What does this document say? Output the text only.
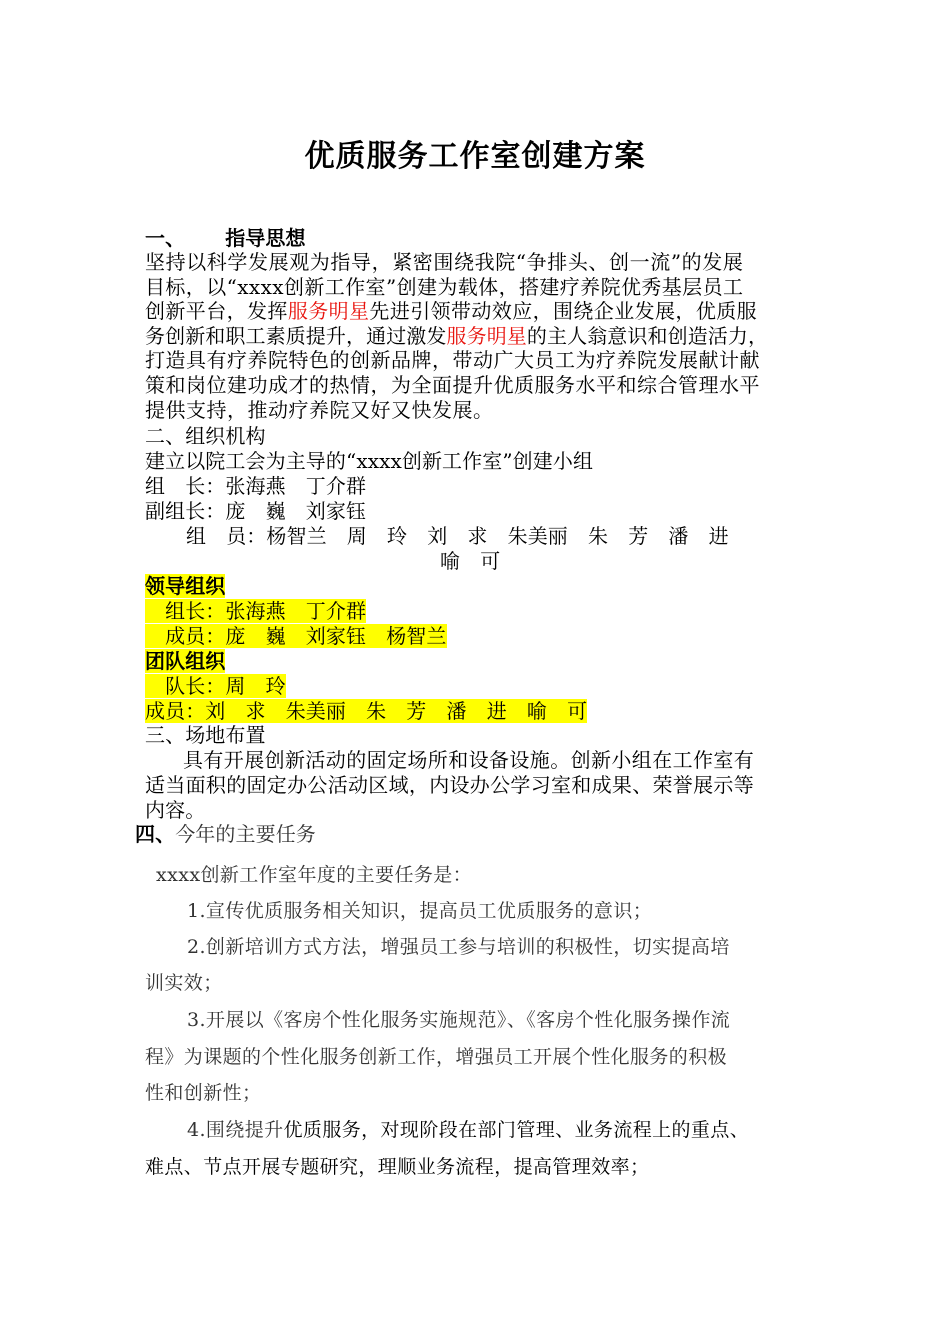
优质服务工作室创建方案
一、 指导思想
坚持以科学发展观为指导，紧密围绕我院“争排头、创一流”的发展
目标，以“xxxx创新工作室”创建为载体，搭建疗养院优秀基层员工
创新平台，发挥服务明星先进引领带动效应，围绕企业发展，优质服
务创新和职工素质提升，通过激发服务明星的主人翁意识和创造活力，
打造具有疗养院特色的创新品牌，带动广大员工为疗养院发展献计献
策和岗位建功成才的热情，为全面提升优质服务水平和综合管理水平
提供支持，推动疗养院又好又快发展。
二、组织机构
建立以院工会为主导的“xxxx创新工作室”创建小组
组　长：张海燕　丁介群
副组长：庞　巍　刘家钰
组　员：杨智兰　周　玲　刘　求　朱美丽　朱　芳　潘　进
喻　可
领导组织
　组长：张海燕　丁介群
　成员：庞　巍　刘家钰　杨智兰
团队组织
　队长：周　玲
成员：刘　求　朱美丽　朱　芳　潘　进　喻　可
三、场地布置
具有开展创新活动的固定场所和设备设施。创新小组在工作室有
适当面积的固定办公活动区域，内设办公学习室和成果、荣誉展示等
内容。
四、今年的主要任务
xxxx创新工作室年度的主要任务是：
1.宣传优质服务相关知识，提高员工优质服务的意识；
2.创新培训方式方法，增强员工参与培训的积极性，切实提高培
训实效；
3.开展以《客房个性化服务实施规范》、《客房个性化服务操作流
程》为课题的个性化服务创新工作，增强员工开展个性化服务的积极
性和创新性；
4.围绕提升优质服务，对现阶段在部门管理、业务流程上的重点、
难点、节点开展专题研究，理顺业务流程，提高管理效率；
